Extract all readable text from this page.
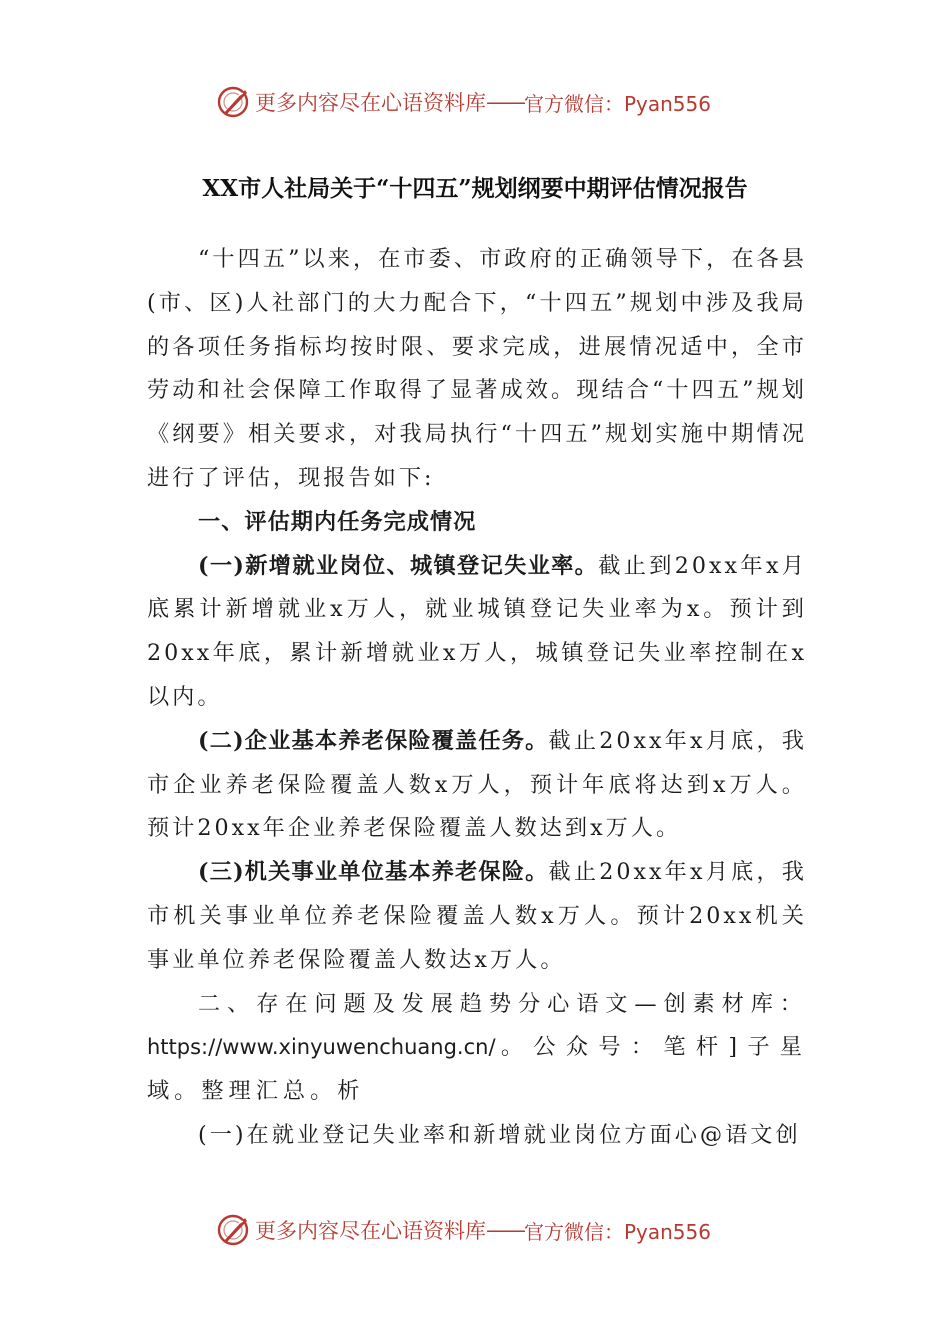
更多内容尽在心语资料库 —— 官方微信：Pyan556
XX市人社局关于“十四五”规划纲要中期评估情况报告

“十四五”以来，在市委、市政府的正确领导下，在各县(市、区)人社部门的大力配合下，“十四五”规划中涉及我局的各项任务指标均按时限、要求完成，进展情况适中，全市劳动和社会保障工作取得了显著成效。现结合“十四五”规划《纲要》相关要求，对我局执行“十四五”规划实施中期情况进行了评估，现报告如下:

一、评估期内任务完成情况

(一)新增就业岗位、城镇登记失业率。截止到20xx年x月底累计新增就业x万人，就业城镇登记失业率为x。预计到20xx年底，累计新增就业x万人，城镇登记失业率控制在x以内。

(二)企业基本养老保险覆盖任务。截止20xx年x月底，我市企业养老保险覆盖人数x万人，预计年底将达到x万人。预计20xx年企业养老保险覆盖人数达到x万人。

(三)机关事业单位基本养老保险。截止20xx年x月底，我市机关事业单位养老保险覆盖人数x万人。预计20xx机关事业单位养老保险覆盖人数达x万人。

二、存在问题及发展趋势分心语文—创素材库：https://www.xinyuwenchuang.cn/。公众号：笔杆]子星域。整理汇总。析

(一)在就业登记失业率和新增就业岗位方面心@语文创

更多内容尽在心语资料库 —— 官方微信：Pyan556
